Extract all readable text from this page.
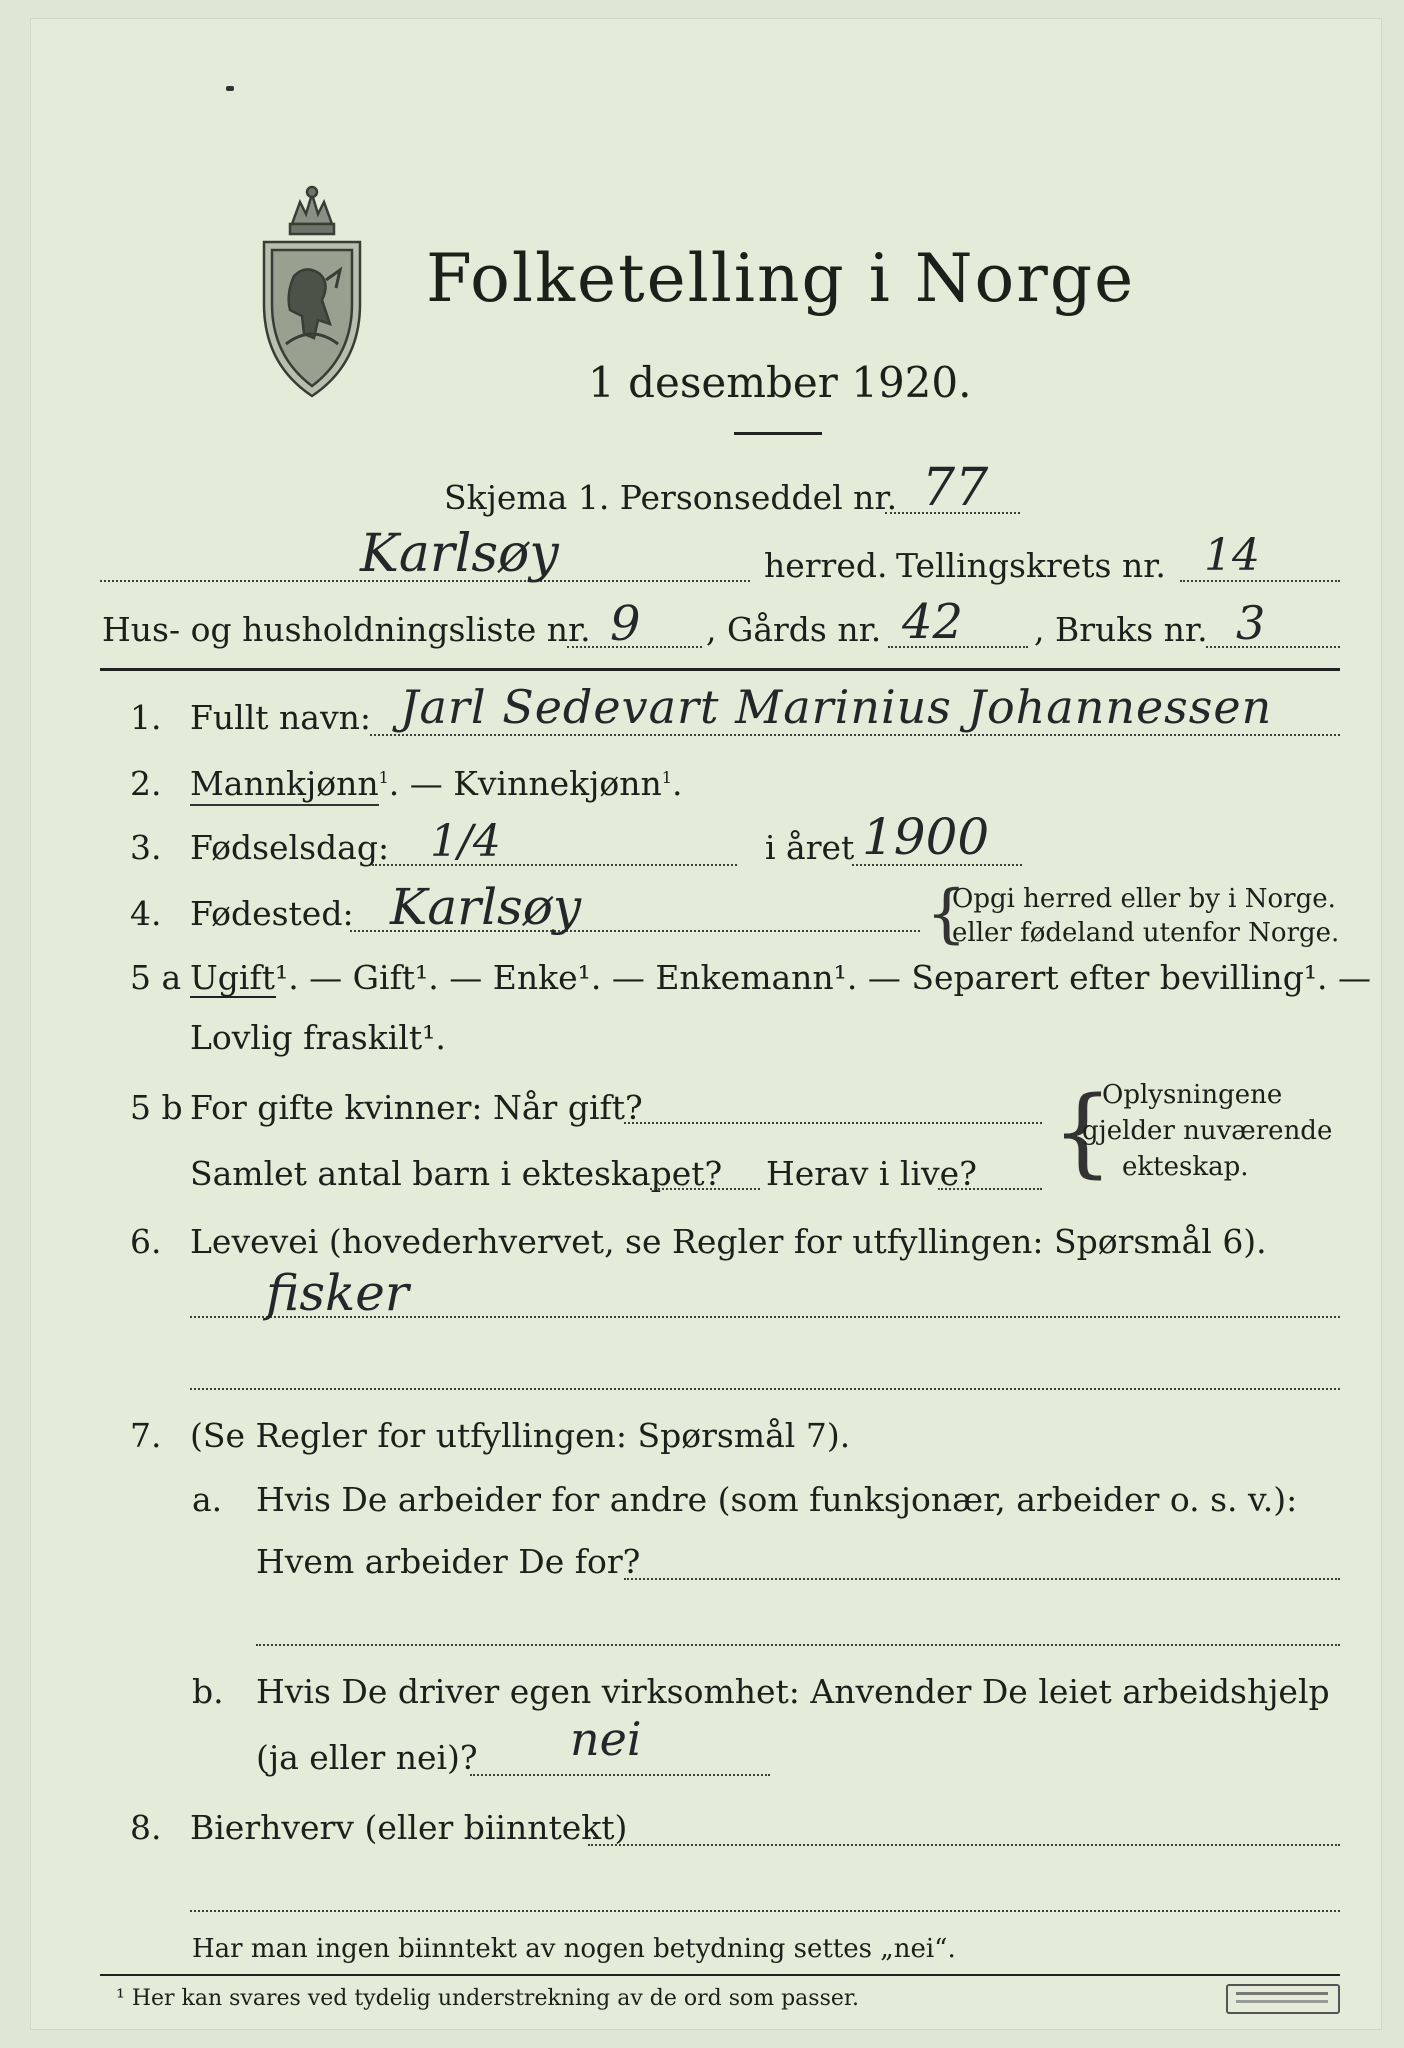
Folketelling i Norge
1 desember 1920.
Skjema 1. Personseddel nr. 77
Karlsøy	herred. Tellingskrets nr. 14
Hus- og husholdningsliste nr. 9 , Gårds nr. 42 , Bruks nr. 3
1. Fullt navn: Jarl Sedevart Marinius Johannessen
2. Mannkjønn$^1$. — Kvinnekjønn$^1$.
3. Fødselsdag: 1/4	i året 1900
4. Fødested: Karlsøy	{
Opgi herred eller by i Norge.
eller fødeland utenfor Norge.
5 a Ugift¹. — Gift¹. — Enke¹. — Enkemann¹. — Separert efter bevilling¹. —
Lovlig fraskilt¹.
5 b For gifte kvinner: Når gift?
Samlet antal barn i ekteskapet? Herav i live? {
Oplysningene
gjelder nuværende
ekteskap.
6. Levevei (hovederhvervet, se Regler for utfyllingen: Spørsmål 6).
fisker
7. (Se Regler for utfyllingen: Spørsmål 7).
a. Hvis De arbeider for andre (som funksjonær, arbeider o. s. v.):
Hvem arbeider De for?
b. Hvis De driver egen virksomhet: Anvender De leiet arbeidshjelp
(ja eller nei)? nei
8. Bierhverv (eller biinntekt)
Har man ingen biinntekt av nogen betydning settes „nei“.
¹ Her kan svares ved tydelig understrekning av de ord som passer.
